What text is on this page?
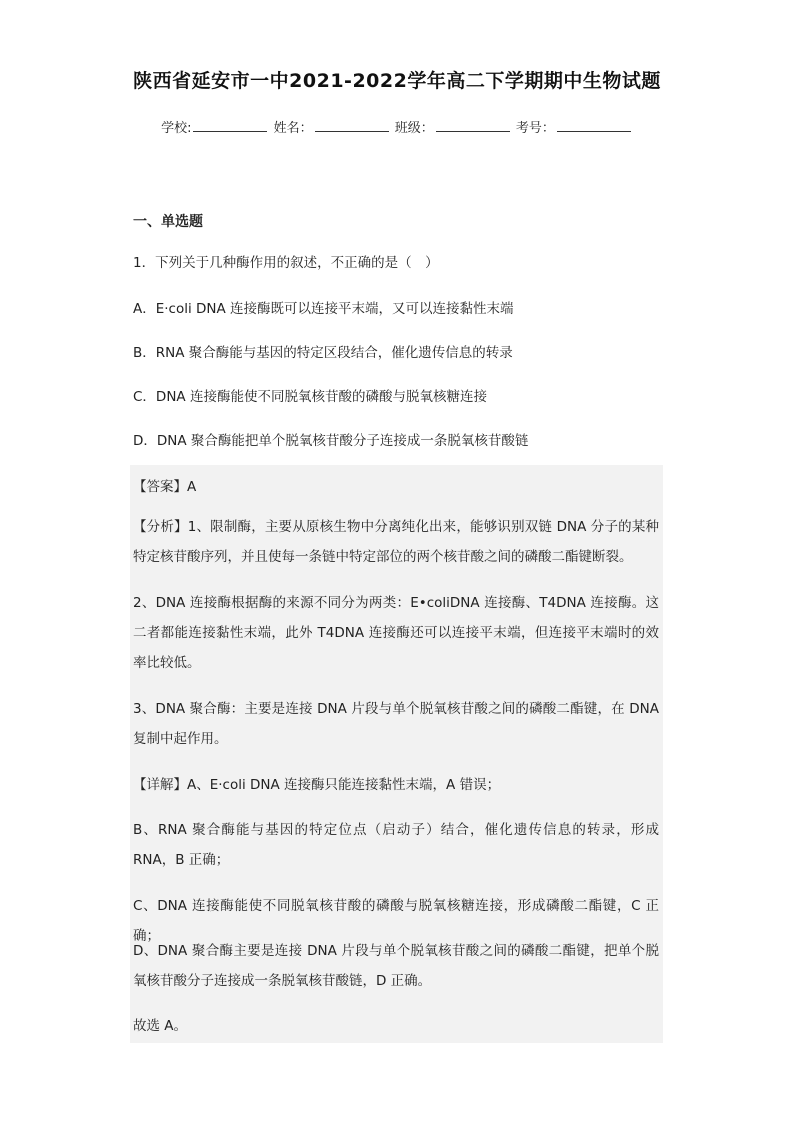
陕西省延安市一中2021-2022学年高二下学期期中生物试题
学校:	姓名：	班级：	考号：
一、单选题
1．下列关于几种酶作用的叙述，不正确的是（　）
A．E·coli DNA 连接酶既可以连接平末端，又可以连接黏性末端
B．RNA 聚合酶能与基因的特定区段结合，催化遗传信息的转录
C．DNA 连接酶能使不同脱氧核苷酸的磷酸与脱氧核糖连接
D．DNA 聚合酶能把单个脱氧核苷酸分子连接成一条脱氧核苷酸链
【答案】A
【分析】1、限制酶，主要从原核生物中分离纯化出来，能够识别双链 DNA 分子的某种特定核苷酸序列，并且使每一条链中特定部位的两个核苷酸之间的磷酸二酯键断裂。
2、DNA 连接酶根据酶的来源不同分为两类：E•coliDNA 连接酶、T4DNA 连接酶。这二者都能连接黏性末端，此外 T4DNA 连接酶还可以连接平末端，但连接平末端时的效率比较低。
3、DNA 聚合酶：主要是连接 DNA 片段与单个脱氧核苷酸之间的磷酸二酯键，在 DNA 复制中起作用。
【详解】A、E·coli DNA 连接酶只能连接黏性末端，A 错误；
B、RNA 聚合酶能与基因的特定位点（启动子）结合，催化遗传信息的转录，形成 RNA，B 正确；
C、DNA 连接酶能使不同脱氧核苷酸的磷酸与脱氧核糖连接，形成磷酸二酯键，C 正确；
D、DNA 聚合酶主要是连接 DNA 片段与单个脱氧核苷酸之间的磷酸二酯键，把单个脱氧核苷酸分子连接成一条脱氧核苷酸链，D 正确。
故选 A。
